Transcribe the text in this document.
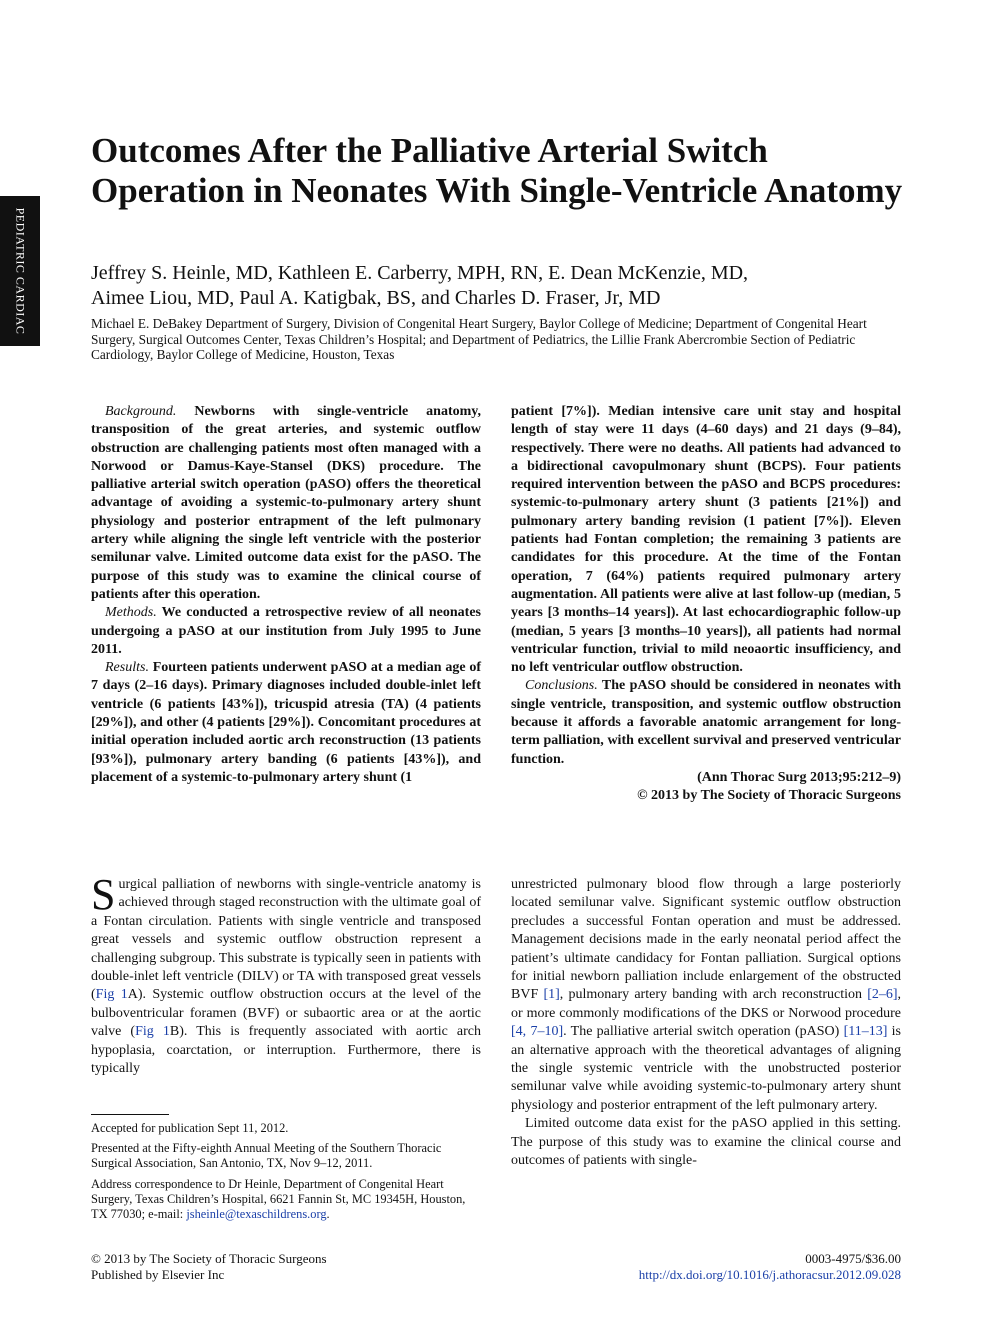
PEDIATRIC CARDIAC
Outcomes After the Palliative Arterial Switch Operation in Neonates With Single-Ventricle Anatomy
Jeffrey S. Heinle, MD, Kathleen E. Carberry, MPH, RN, E. Dean McKenzie, MD,
Aimee Liou, MD, Paul A. Katigbak, BS, and Charles D. Fraser, Jr, MD
Michael E. DeBakey Department of Surgery, Division of Congenital Heart Surgery, Baylor College of Medicine; Department of Congenital Heart Surgery, Surgical Outcomes Center, Texas Children’s Hospital; and Department of Pediatrics, the Lillie Frank Abercrombie Section of Pediatric Cardiology, Baylor College of Medicine, Houston, Texas

Background. Newborns with single-ventricle anatomy, transposition of the great arteries, and systemic outflow obstruction are challenging patients most often managed with a Norwood or Damus-Kaye-Stansel (DKS) procedure. The palliative arterial switch operation (pASO) offers the theoretical advantage of avoiding a systemic-to-pulmonary artery shunt physiology and posterior entrapment of the left pulmonary artery while aligning the single left ventricle with the posterior semilunar valve. Limited outcome data exist for the pASO. The purpose of this study was to examine the clinical course of patients after this operation.

Methods. We conducted a retrospective review of all neonates undergoing a pASO at our institution from July 1995 to June 2011.

Results. Fourteen patients underwent pASO at a median age of 7 days (2–16 days). Primary diagnoses included double-inlet left ventricle (6 patients [43%]), tricuspid atresia (TA) (4 patients [29%]), and other (4 patients [29%]). Concomitant procedures at initial operation included aortic arch reconstruction (13 patients [93%]), pulmonary artery banding (6 patients [43%]), and placement of a systemic-to-pulmonary artery shunt (1

patient [7%]). Median intensive care unit stay and hospital length of stay were 11 days (4–60 days) and 21 days (9–84), respectively. There were no deaths. All patients had advanced to a bidirectional cavopulmonary shunt (BCPS). Four patients required intervention between the pASO and BCPS procedures: systemic-to-pulmonary artery shunt (3 patients [21%]) and pulmonary artery banding revision (1 patient [7%]). Eleven patients had Fontan completion; the remaining 3 patients are candidates for this procedure. At the time of the Fontan operation, 7 (64%) patients required pulmonary artery augmentation. All patients were alive at last follow-up (median, 5 years [3 months–14 years]). At last echocardiographic follow-up (median, 5 years [3 months–10 years]), all patients had normal ventricular function, trivial to mild neoaortic insufficiency, and no left ventricular outflow obstruction.

Conclusions. The pASO should be considered in neonates with single ventricle, transposition, and systemic outflow obstruction because it affords a favorable anatomic arrangement for long-term palliation, with excellent survival and preserved ventricular function.

(Ann Thorac Surg 2013;95:212–9)

© 2013 by The Society of Thoracic Surgeons

Surgical palliation of newborns with single-ventricle anatomy is achieved through staged reconstruction with the ultimate goal of a Fontan circulation. Patients with single ventricle and transposed great vessels and systemic outflow obstruction represent a challenging subgroup. This substrate is typically seen in patients with double-inlet left ventricle (DILV) or TA with transposed great vessels (Fig 1A). Systemic outflow obstruction occurs at the level of the bulboventricular foramen (BVF) or subaortic area or at the aortic valve (Fig 1B). This is frequently associated with aortic arch hypoplasia, coarctation, or interruption. Furthermore, there is typically

unrestricted pulmonary blood flow through a large posteriorly located semilunar valve. Significant systemic outflow obstruction precludes a successful Fontan operation and must be addressed. Management decisions made in the early neonatal period affect the patient’s ultimate candidacy for Fontan palliation. Surgical options for initial newborn palliation include enlargement of the obstructed BVF [1], pulmonary artery banding with arch reconstruction [2–6], or more commonly modifications of the DKS or Norwood procedure [4, 7–10]. The palliative arterial switch operation (pASO) [11–13] is an alternative approach with the theoretical advantages of aligning the single systemic ventricle with the unobstructed posterior semilunar valve while avoiding systemic-to-pulmonary artery shunt physiology and posterior entrapment of the left pulmonary artery.

Limited outcome data exist for the pASO applied in this setting. The purpose of this study was to examine the clinical course and outcomes of patients with single-

Accepted for publication Sept 11, 2012.

Presented at the Fifty-eighth Annual Meeting of the Southern Thoracic Surgical Association, San Antonio, TX, Nov 9–12, 2011.

Address correspondence to Dr Heinle, Department of Congenital Heart Surgery, Texas Children’s Hospital, 6621 Fannin St, MC 19345H, Houston, TX 77030; e-mail: jsheinle@texaschildrens.org.

© 2013 by The Society of Thoracic Surgeons
Published by Elsevier Inc
0003-4975/$36.00
http://dx.doi.org/10.1016/j.athoracsur.2012.09.028
